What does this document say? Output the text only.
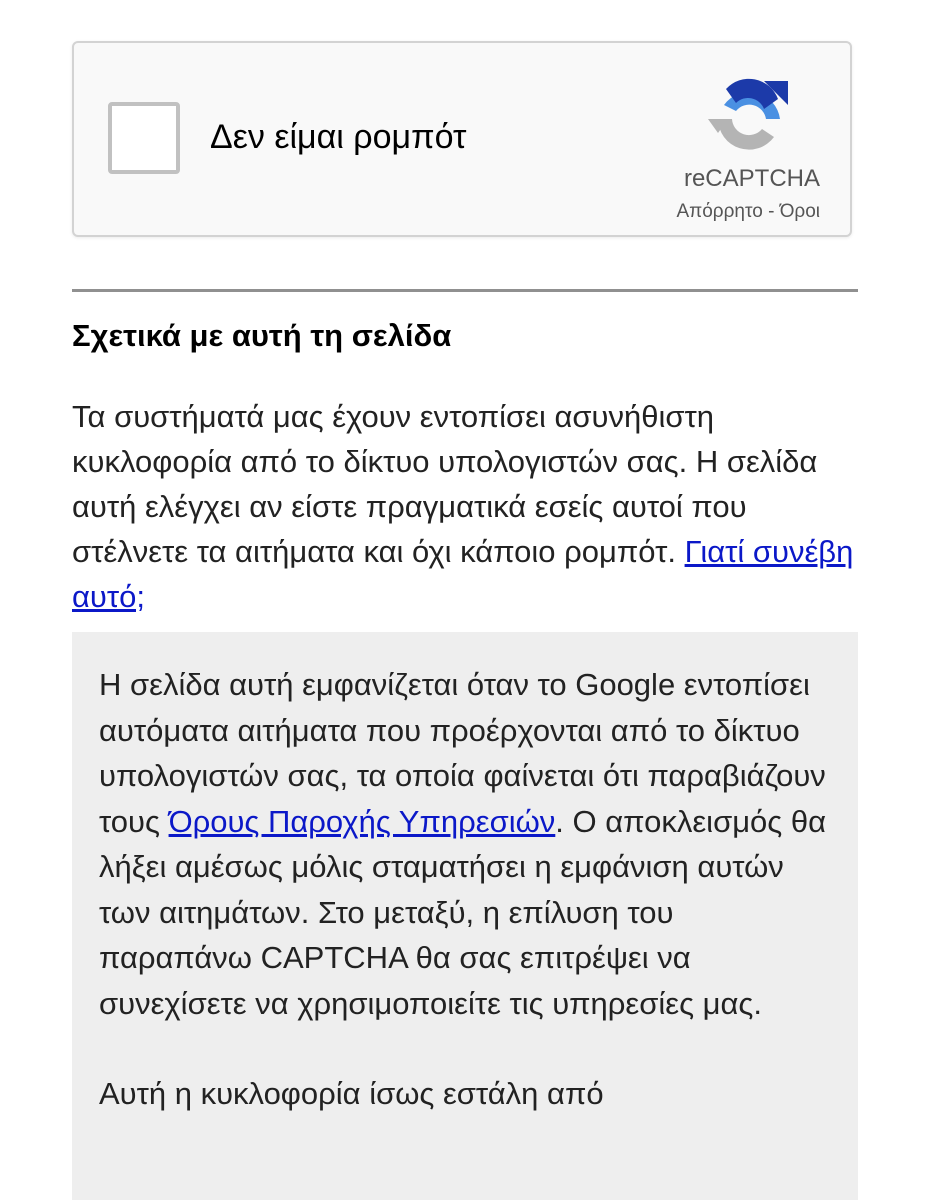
Δεν είμαι ρομπότ
reCAPTCHA
Απόρρητο - Όροι
Σχετικά με αυτή τη σελίδα

Τα συστήματά μας έχουν εντοπίσει ασυνήθιστη κυκλοφορία από το δίκτυο υπολογιστών σας. Η σελίδα αυτή ελέγχει αν είστε πραγματικά εσείς αυτοί που στέλνετε τα αιτήματα και όχι κάποιο ρομπότ. Γιατί συνέβη αυτό;

Η σελίδα αυτή εμφανίζεται όταν το Google εντοπίσει αυτόματα αιτήματα που προέρχονται από το δίκτυο υπολογιστών σας, τα οποία φαίνεται ότι παραβιάζουν τους Όρους Παροχής Υπηρεσιών. Ο αποκλεισμός θα λήξει αμέσως μόλις σταματήσει η εμφάνιση αυτών των αιτημάτων. Στο μεταξύ, η επίλυση του παραπάνω CAPTCHA θα σας επιτρέψει να συνεχίσετε να χρησιμοποιείτε τις υπηρεσίες μας.

Αυτή η κυκλοφορία ίσως εστάλη από
